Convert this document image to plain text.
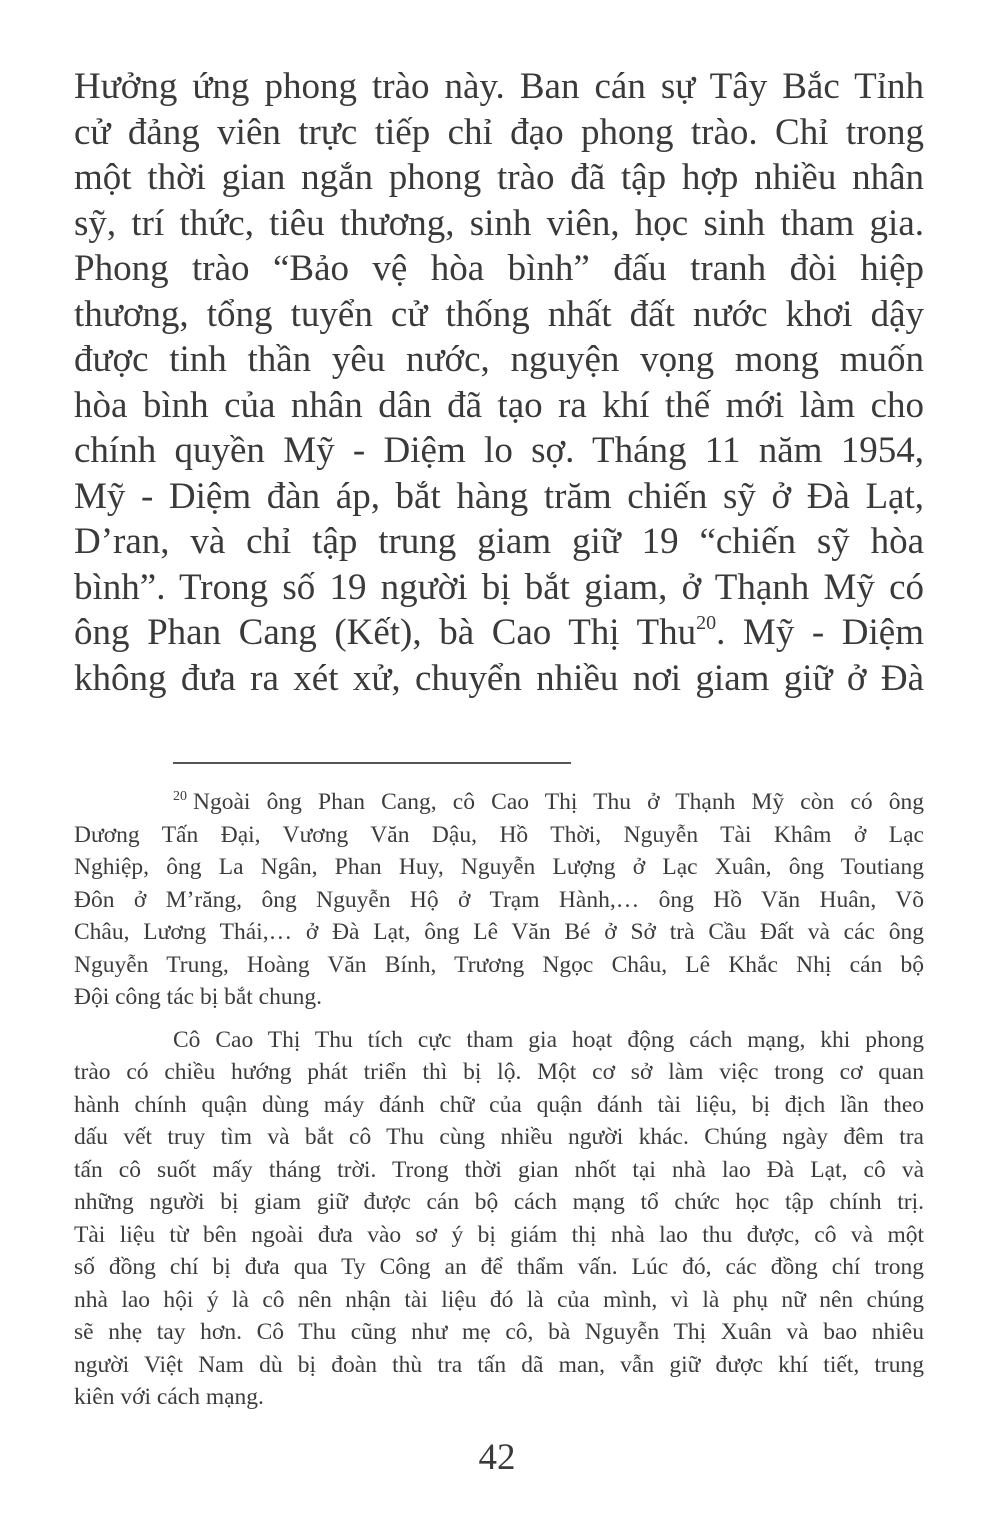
Hưởng ứng phong trào này. Ban cán sự Tây Bắc Tỉnh
cử đảng viên trực tiếp chỉ đạo phong trào. Chỉ trong
một thời gian ngắn phong trào đã tập hợp nhiều nhân
sỹ, trí thức, tiêu thương, sinh viên, học sinh tham gia.
Phong trào “Bảo vệ hòa bình” đấu tranh đòi hiệp
thương, tổng tuyển cử thống nhất đất nước khơi dậy
được tinh thần yêu nước, nguyện vọng mong muốn
hòa bình của nhân dân đã tạo ra khí thế mới làm cho
chính quyền Mỹ - Diệm lo sợ. Tháng 11 năm 1954,
Mỹ - Diệm đàn áp, bắt hàng trăm chiến sỹ ở Đà Lạt,
D’ran, và chỉ tập trung giam giữ 19 “chiến sỹ hòa
bình”. Trong số 19 người bị bắt giam, ở Thạnh Mỹ có
ông Phan Cang (Kết), bà Cao Thị Thu$^{20}$. Mỹ - Diệm
không đưa ra xét xử, chuyển nhiều nơi giam giữ ở Đà
$^{20}$ Ngoài ông Phan Cang, cô Cao Thị Thu ở Thạnh Mỹ còn có ông
Dương Tấn Đại, Vương Văn Dậu, Hồ Thời, Nguyễn Tài Khâm ở Lạc
Nghiệp, ông La Ngân, Phan Huy, Nguyễn Lượng ở Lạc Xuân, ông Toutiang
Đôn ở M’răng, ông Nguyễn Hộ ở Trạm Hành,… ông Hồ Văn Huân, Võ
Châu, Lương Thái,… ở Đà Lạt, ông Lê Văn Bé ở Sở trà Cầu Đất và các ông
Nguyễn Trung, Hoàng Văn Bính, Trương Ngọc Châu, Lê Khắc Nhị cán bộ
Đội công tác bị bắt chung.
Cô Cao Thị Thu tích cực tham gia hoạt động cách mạng, khi phong
trào có chiều hướng phát triển thì bị lộ. Một cơ sở làm việc trong cơ quan
hành chính quận dùng máy đánh chữ của quận đánh tài liệu, bị địch lần theo
dấu vết truy tìm và bắt cô Thu cùng nhiều người khác. Chúng ngày đêm tra
tấn cô suốt mấy tháng trời. Trong thời gian nhốt tại nhà lao Đà Lạt, cô và
những người bị giam giữ được cán bộ cách mạng tổ chức học tập chính trị.
Tài liệu từ bên ngoài đưa vào sơ ý bị giám thị nhà lao thu được, cô và một
số đồng chí bị đưa qua Ty Công an để thẩm vấn. Lúc đó, các đồng chí trong
nhà lao hội ý là cô nên nhận tài liệu đó là của mình, vì là phụ nữ nên chúng
sẽ nhẹ tay hơn. Cô Thu cũng như mẹ cô, bà Nguyễn Thị Xuân và bao nhiêu
người Việt Nam dù bị đoàn thù tra tấn dã man, vẫn giữ được khí tiết, trung
kiên với cách mạng.
42
